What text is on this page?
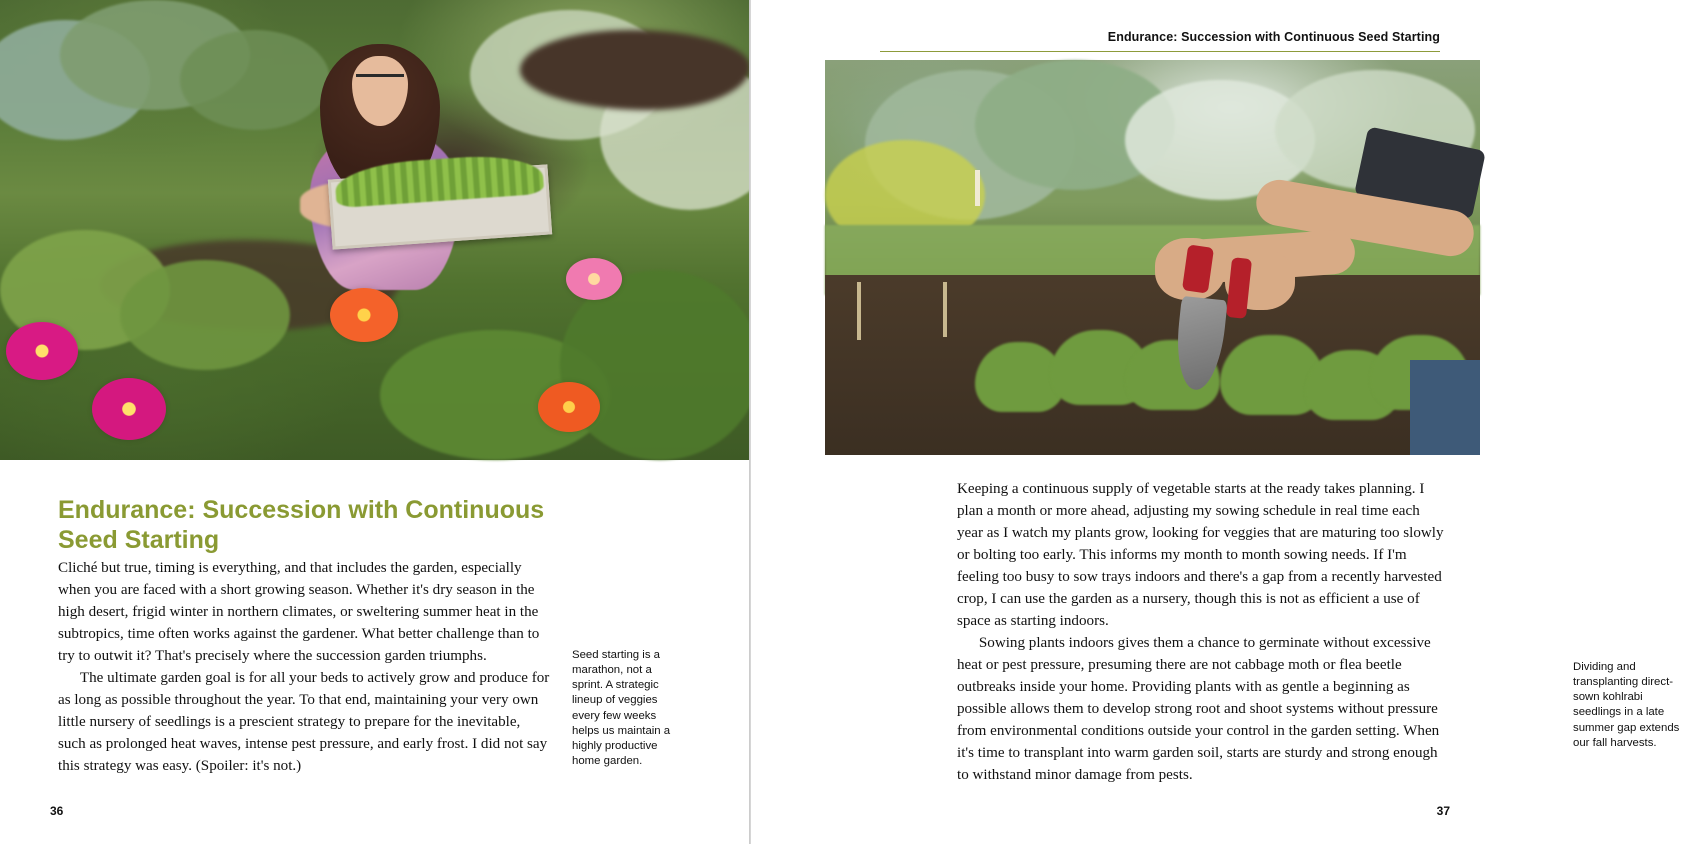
Endurance: Succession with Continuous Seed Starting

Cliché but true, timing is everything, and that includes the garden, especially when you are faced with a short growing season. Whether it's dry season in the high desert, frigid winter in northern climates, or sweltering summer heat in the subtropics, time often works against the gardener. What better challenge than to try to outwit it? That's precisely where the succession garden triumphs.

The ultimate garden goal is for all your beds to actively grow and produce for as long as possible throughout the year. To that end, maintaining your very own little nursery of seedlings is a prescient strategy to prepare for the inevitable, such as prolonged heat waves, intense pest pressure, and early frost. I did not say this strategy was easy. (Spoiler: it's not.)

Seed starting is a marathon, not a sprint. A strategic lineup of veggies every few weeks helps us maintain a highly productive home garden.
36
Endurance: Succession with Continuous Seed Starting

Keeping a continuous supply of vegetable starts at the ready takes planning. I plan a month or more ahead, adjusting my sowing schedule in real time each year as I watch my plants grow, looking for veggies that are maturing too slowly or bolting too early. This informs my month to month sowing needs. If I'm feeling too busy to sow trays indoors and there's a gap from a recently harvested crop, I can use the garden as a nursery, though this is not as efficient a use of space as starting indoors.

Sowing plants indoors gives them a chance to germinate without excessive heat or pest pressure, presuming there are not cabbage moth or flea beetle outbreaks inside your home. Providing plants with as gentle a beginning as possible allows them to develop strong root and shoot systems without pressure from environmental conditions outside your control in the garden setting. When it's time to transplant into warm garden soil, starts are sturdy and strong enough to withstand minor damage from pests.

Dividing and transplanting direct-sown kohlrabi seedlings in a late summer gap extends our fall harvests.
37
